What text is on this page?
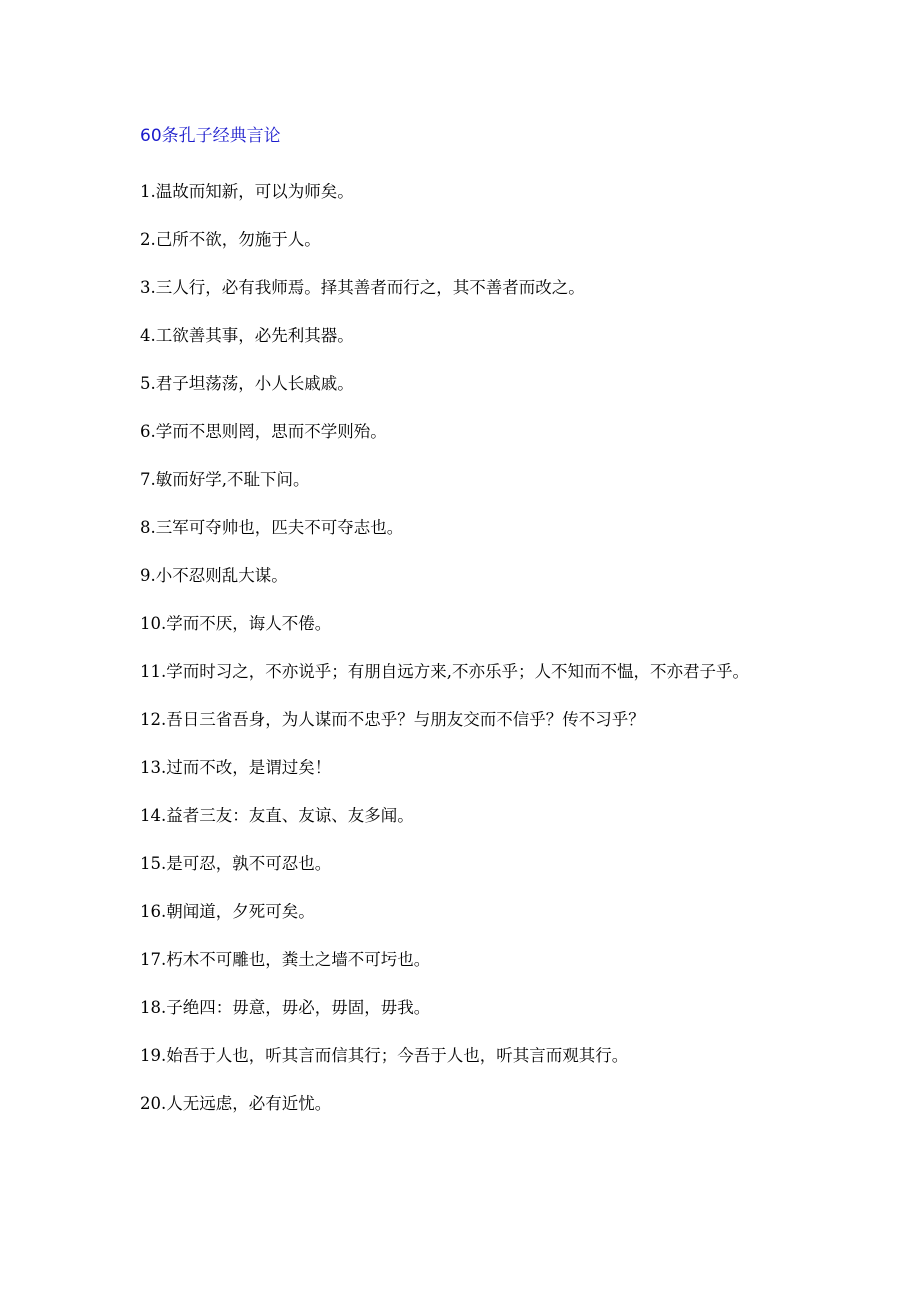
60条孔子经典言论
1.温故而知新，可以为师矣。
2.己所不欲，勿施于人。
3.三人行，必有我师焉。择其善者而行之，其不善者而改之。
4.工欲善其事，必先利其器。
5.君子坦荡荡，小人长戚戚。
6.学而不思则罔，思而不学则殆。
7.敏而好学,不耻下问。
8.三军可夺帅也，匹夫不可夺志也。
9.小不忍则乱大谋。
10.学而不厌，诲人不倦。
11.学而时习之，不亦说乎；有朋自远方来,不亦乐乎；人不知而不愠，不亦君子乎。
12.吾日三省吾身，为人谋而不忠乎？与朋友交而不信乎？传不习乎？
13.过而不改，是谓过矣！
14.益者三友：友直、友谅、友多闻。
15.是可忍，孰不可忍也。
16.朝闻道，夕死可矣。
17.朽木不可雕也，粪土之墙不可圬也。
18.子绝四：毋意，毋必，毋固，毋我。
19.始吾于人也，听其言而信其行；今吾于人也，听其言而观其行。
20.人无远虑，必有近忧。
